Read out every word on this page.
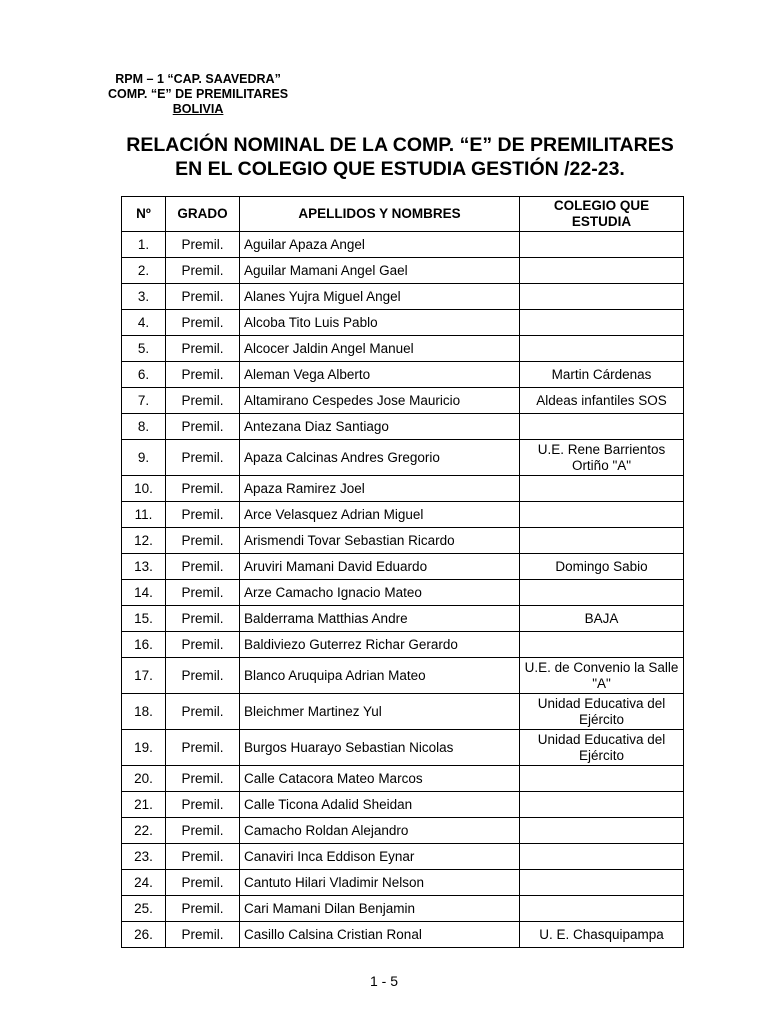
RPM – 1 “CAP. SAAVEDRA”
COMP. “E” DE PREMILITARES
BOLIVIA
RELACIÓN NOMINAL DE LA COMP. “E” DE PREMILITARES
EN EL COLEGIO QUE ESTUDIA GESTIÓN /22-23.
Nº	GRADO	APELLIDOS Y NOMBRES	COLEGIO QUE ESTUDIA
1.	Premil.	Aguilar Apaza Angel	
2.	Premil.	Aguilar Mamani Angel Gael	
3.	Premil.	Alanes Yujra Miguel Angel	
4.	Premil.	Alcoba Tito Luis Pablo	
5.	Premil.	Alcocer Jaldin Angel Manuel	
6.	Premil.	Aleman Vega Alberto	Martin Cárdenas
7.	Premil.	Altamirano Cespedes Jose Mauricio	Aldeas infantiles SOS
8.	Premil.	Antezana Diaz Santiago	
9.	Premil.	Apaza Calcinas Andres Gregorio	U.E. Rene Barrientos Ortiño "A"
10.	Premil.	Apaza Ramirez Joel	
11.	Premil.	Arce Velasquez Adrian Miguel	
12.	Premil.	Arismendi Tovar Sebastian Ricardo	
13.	Premil.	Aruviri Mamani David Eduardo	Domingo Sabio
14.	Premil.	Arze Camacho Ignacio Mateo	
15.	Premil.	Balderrama Matthias Andre	BAJA
16.	Premil.	Baldiviezo Guterrez Richar Gerardo	
17.	Premil.	Blanco Aruquipa Adrian Mateo	U.E. de Convenio la Salle "A"
18.	Premil.	Bleichmer Martinez Yul	Unidad Educativa del Ejército
19.	Premil.	Burgos Huarayo Sebastian Nicolas	Unidad Educativa del Ejército
20.	Premil.	Calle Catacora Mateo Marcos	
21.	Premil.	Calle Ticona Adalid Sheidan	
22.	Premil.	Camacho Roldan Alejandro	
23.	Premil.	Canaviri Inca Eddison Eynar	
24.	Premil.	Cantuto Hilari Vladimir Nelson	
25.	Premil.	Cari Mamani Dilan Benjamin	
26.	Premil.	Casillo Calsina Cristian Ronal	U. E. Chasquipampa
1 - 5
